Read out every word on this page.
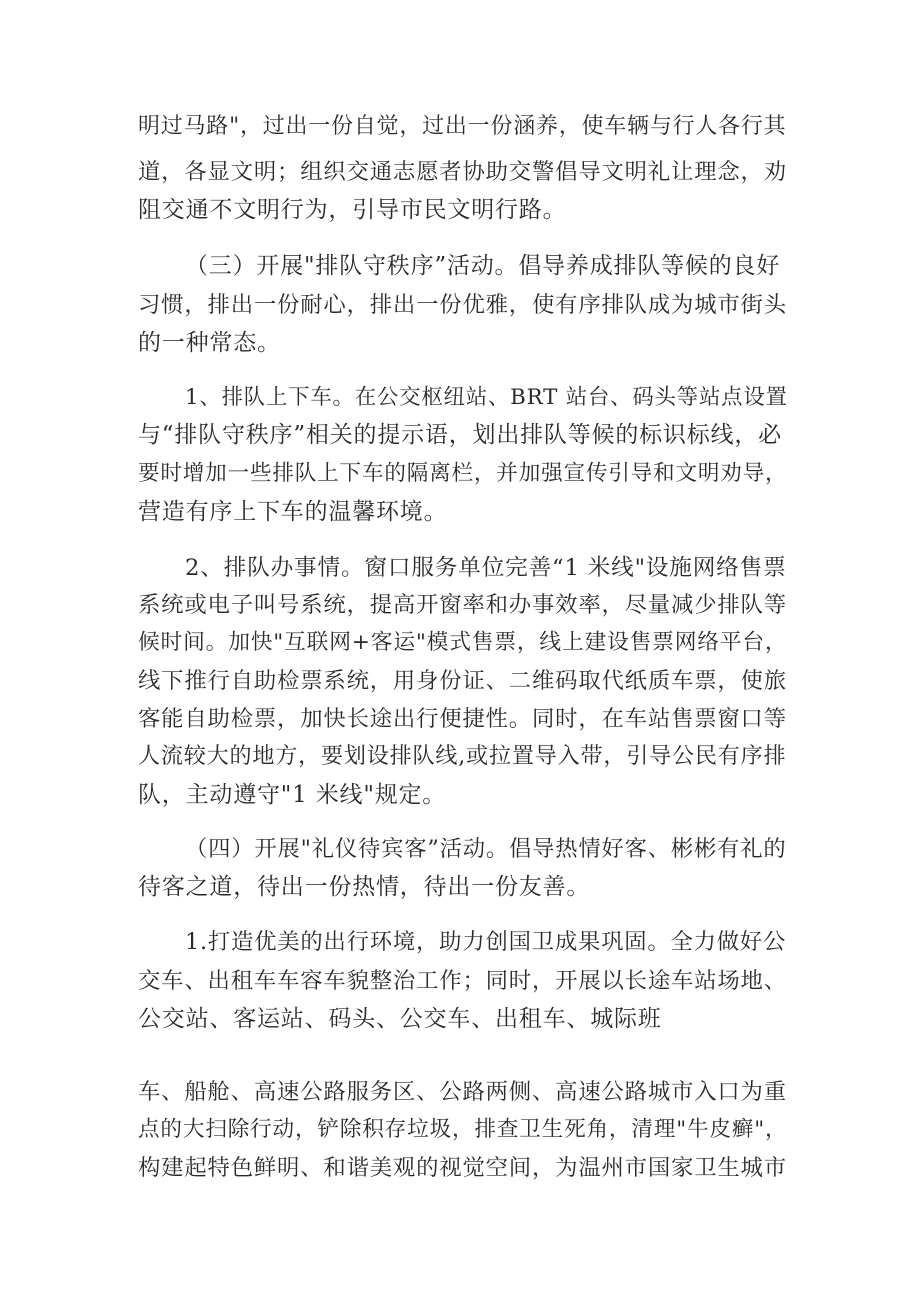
明过马路"，过出一份自觉，过出一份涵养，使车辆与行人各行其
道，各显文明；组织交通志愿者协助交警倡导文明礼让理念，劝
阻交通不文明行为，引导市民文明行路。
（三）开展"排队守秩序”活动。倡导养成排队等候的良好
习惯，排出一份耐心，排出一份优雅，使有序排队成为城市街头
的一种常态。
1、排队上下车。在公交枢纽站、BRT 站台、码头等站点设置
与“排队守秩序”相关的提示语，划出排队等候的标识标线，必
要时增加一些排队上下车的隔离栏，并加强宣传引导和文明劝导，
营造有序上下车的温馨环境。
2、排队办事情。窗口服务单位完善“1 米线"设施网络售票
系统或电子叫号系统，提高开窗率和办事效率，尽量减少排队等
候时间。加快"互联网+客运"模式售票，线上建设售票网络平台，
线下推行自助检票系统，用身份证、二维码取代纸质车票，使旅
客能自助检票，加快长途出行便捷性。同时，在车站售票窗口等
人流较大的地方，要划设排队线,或拉置导入带，引导公民有序排
队，主动遵守"1 米线"规定。
（四）开展"礼仪待宾客”活动。倡导热情好客、彬彬有礼的
待客之道，待出一份热情，待出一份友善。
1.打造优美的出行环境，助力创国卫成果巩固。全力做好公
交车、出租车车容车貌整治工作；同时，开展以长途车站场地、
公交站、客运站、码头、公交车、出租车、城际班
车、船舱、高速公路服务区、公路两侧、高速公路城市入口为重
点的大扫除行动，铲除积存垃圾，排查卫生死角，清理"牛皮癣"，
构建起特色鲜明、和谐美观的视觉空间，为温州市国家卫生城市
